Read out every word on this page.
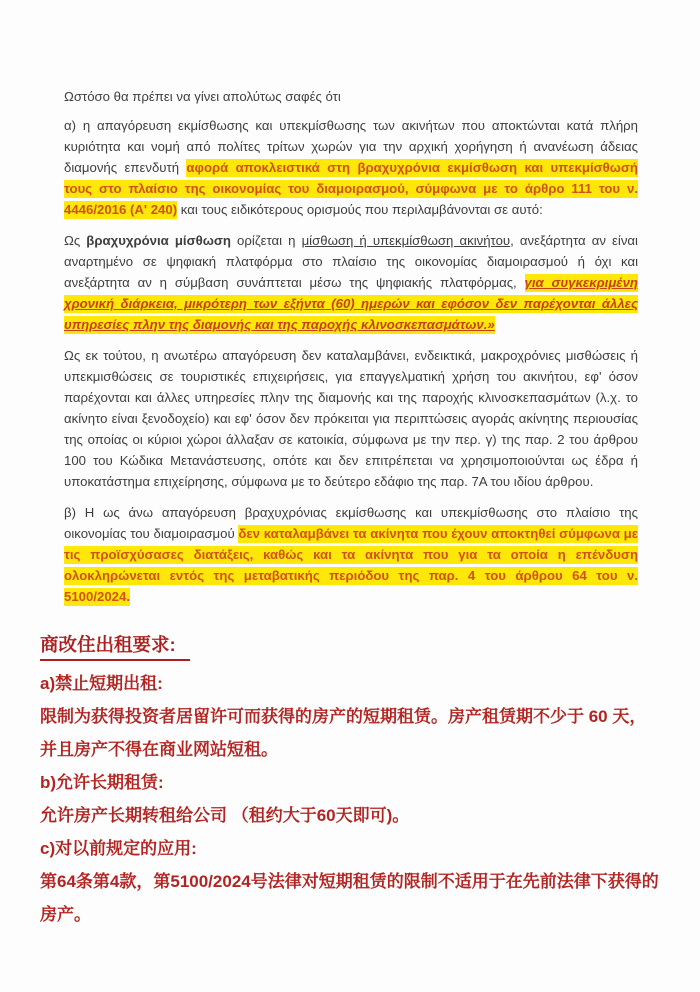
Ωστόσο θα πρέπει να γίνει απολύτως σαφές ότι

α) η απαγόρευση εκμίσθωσης και υπεκμίσθωσης των ακινήτων που αποκτώνται κατά πλήρη κυριότητα και νομή από πολίτες τρίτων χωρών για την αρχική χορήγηση ή ανανέωση άδειας διαμονής επενδυτή αφορά αποκλειστικά στη βραχυχρόνια εκμίσθωση και υπεκμίσθωσή τους στο πλαίσιο της οικονομίας του διαμοιρασμού, σύμφωνα με το άρθρο 111 του ν. 4446/2016 (Α' 240) και τους ειδικότερους ορισμούς που περιλαμβάνονται σε αυτό:

Ως βραχυχρόνια μίσθωση ορίζεται η μίσθωση ή υπεκμίσθωση ακινήτου, ανεξάρτητα αν είναι αναρτημένο σε ψηφιακή πλατφόρμα στο πλαίσιο της οικονομίας διαμοιρασμού ή όχι και ανεξάρτητα αν η σύμβαση συνάπτεται μέσω της ψηφιακής πλατφόρμας, για συγκεκριμένη χρονική διάρκεια, μικρότερη των εξήντα (60) ημερών και εφόσον δεν παρέχονται άλλες υπηρεσίες πλην της διαμονής και της παροχής κλινοσκεπασμάτων.»

Ως εκ τούτου, η ανωτέρω απαγόρευση δεν καταλαμβάνει, ενδεικτικά, μακροχρόνιες μισθώσεις ή υπεκμισθώσεις σε τουριστικές επιχειρήσεις, για επαγγελματική χρήση του ακινήτου, εφ' όσον παρέχονται και άλλες υπηρεσίες πλην της διαμονής και της παροχής κλινοσκεπασμάτων (λ.χ. το ακίνητο είναι ξενοδοχείο) και εφ' όσον δεν πρόκειται για περιπτώσεις αγοράς ακίνητης περιουσίας της οποίας οι κύριοι χώροι άλλαξαν σε κατοικία, σύμφωνα με την περ. γ) της παρ. 2 του άρθρου 100 του Κώδικα Μετανάστευσης, οπότε και δεν επιτρέπεται να χρησιμοποιούνται ως έδρα ή υποκατάστημα επιχείρησης, σύμφωνα με το δεύτερο εδάφιο της παρ. 7Α του ιδίου άρθρου.

β) Η ως άνω απαγόρευση βραχυχρόνιας εκμίσθωσης και υπεκμίσθωσης στο πλαίσιο της οικονομίας του διαμοιρασμού δεν καταλαμβάνει τα ακίνητα που έχουν αποκτηθεί σύμφωνα με τις προϊσχύσασες διατάξεις, καθώς και τα ακίνητα που για τα οποία η επένδυση ολοκληρώνεται εντός της μεταβατικής περιόδου της παρ. 4 του άρθρου 64 του ν. 5100/2024.

商改住出租要求:

a)禁止短期出租:

限制为获得投资者居留许可而获得的房产的短期租赁。房产租赁期不少于 60 天，并且房产不得在商业网站短租。

b)允许长期租赁:

允许房产长期转租给公司 （租约大于60天即可)。

c)对以前规定的应用:

第64条第4款，第5100/2024号法律对短期租赁的限制不适用于在先前法律下获得的房产。
